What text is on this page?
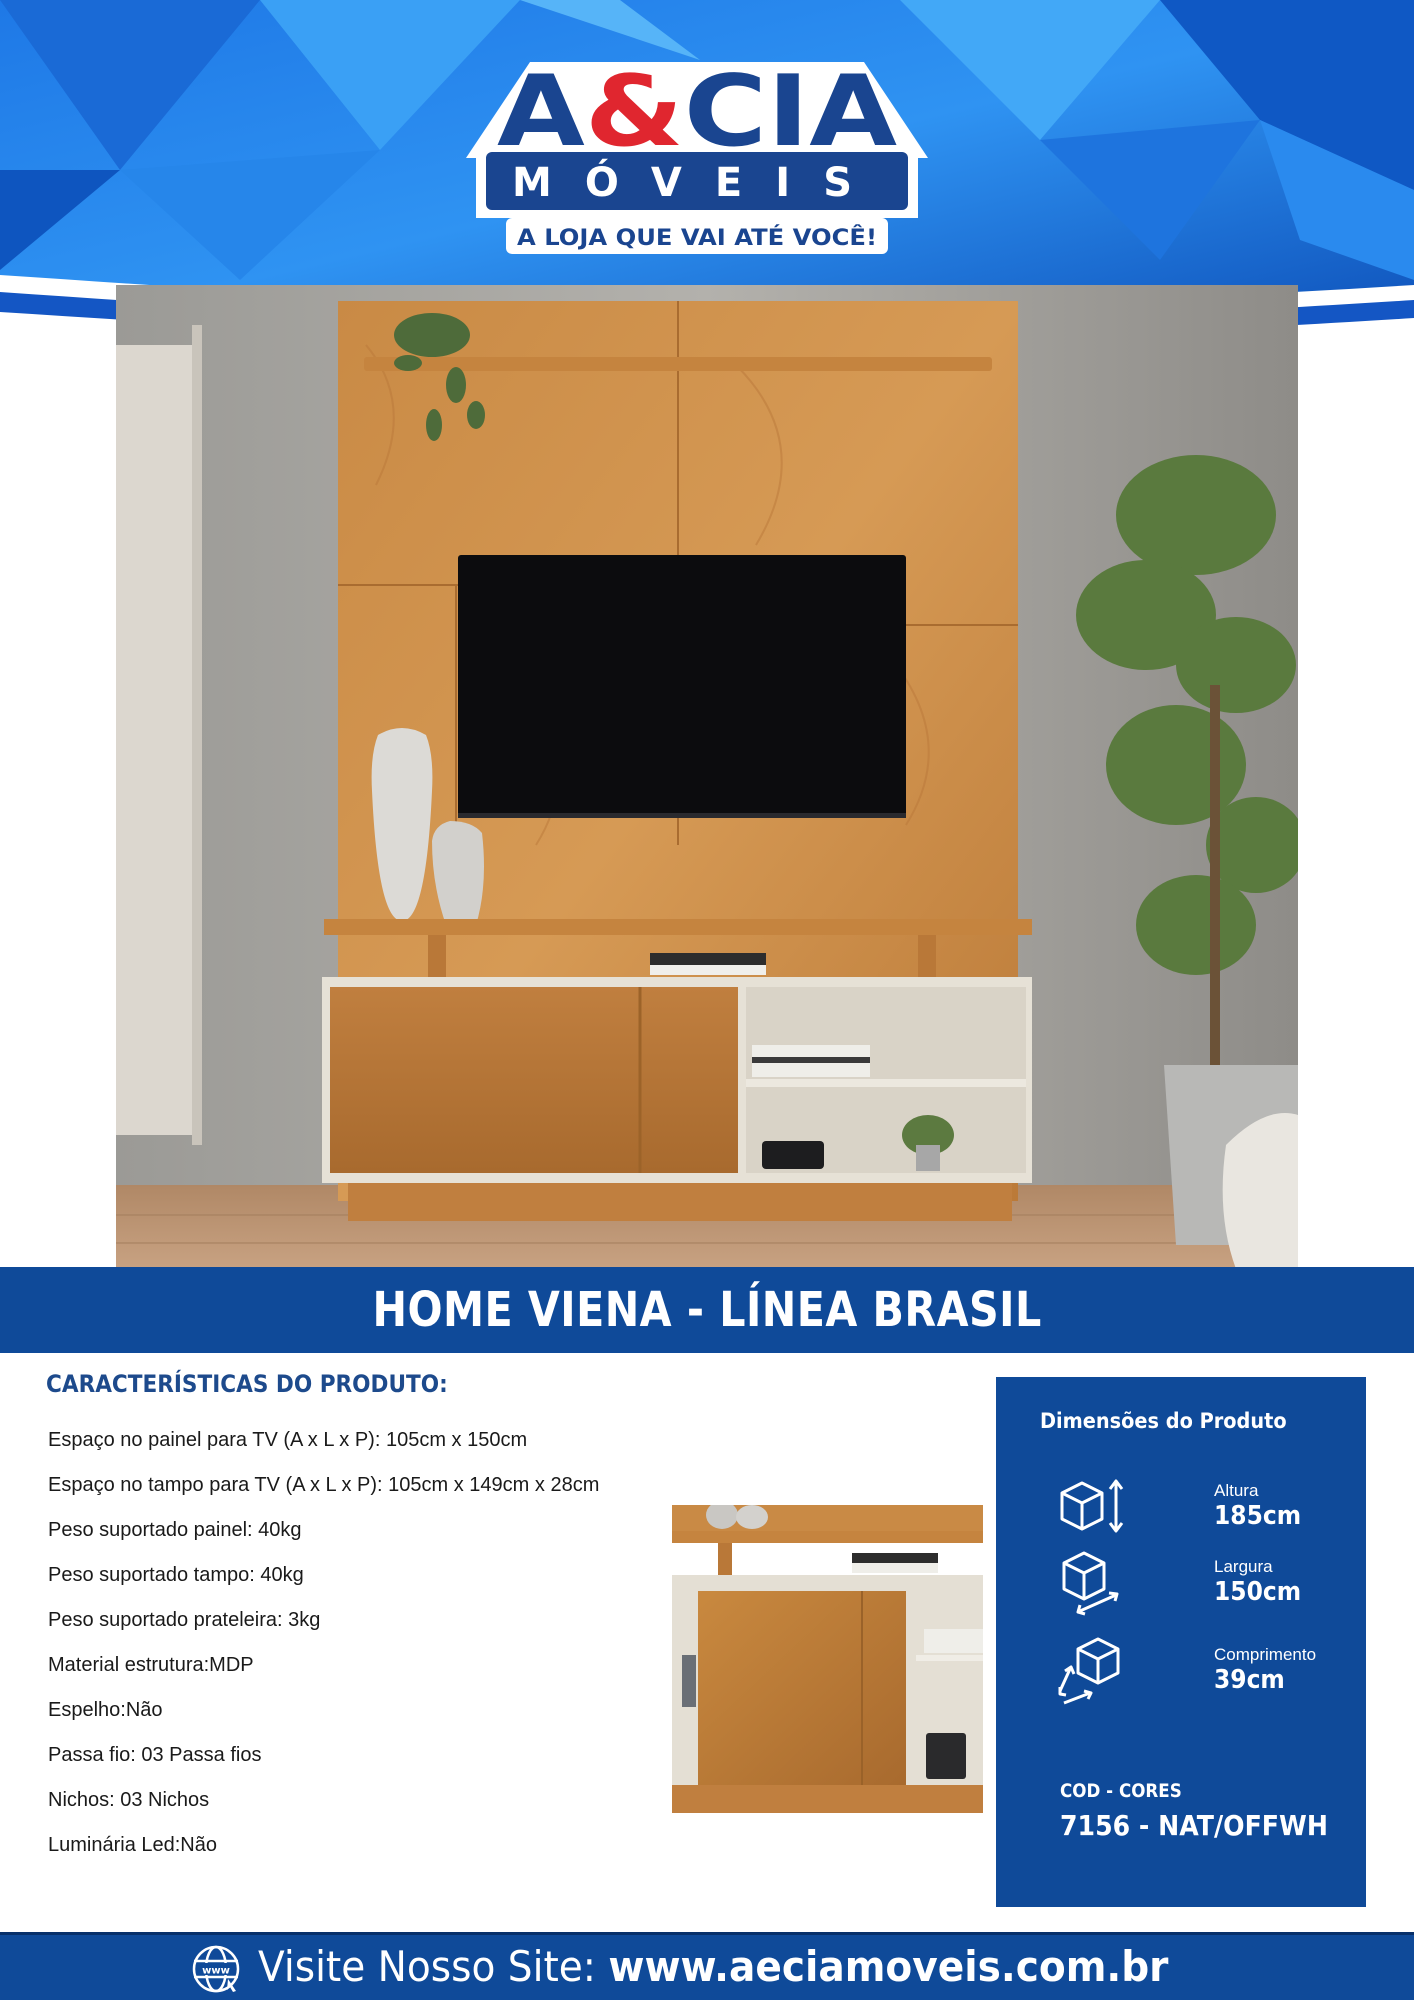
A & CIA
MÓVEIS
A LOJA QUE VAI ATÉ VOCÊ!
HOME VIENA - LÍNEA BRASIL
CARACTERÍSTICAS DO PRODUTO:
Espaço no painel para TV (A x L x P): 105cm x 150cm
Espaço no tampo para TV (A x L x P): 105cm x 149cm x 28cm
Peso suportado painel: 40kg
Peso suportado tampo: 40kg
Peso suportado prateleira: 3kg
Material estrutura:MDP
Espelho:Não
Passa fio: 03 Passa fios
Nichos: 03 Nichos
Luminária Led:Não
Dimensões do Produto
Altura
185cm
Largura
150cm
Comprimento
39cm
COD - CORES
7156 - NAT/OFFWH
www Visite Nosso Site: www.aeciamoveis.com.br
